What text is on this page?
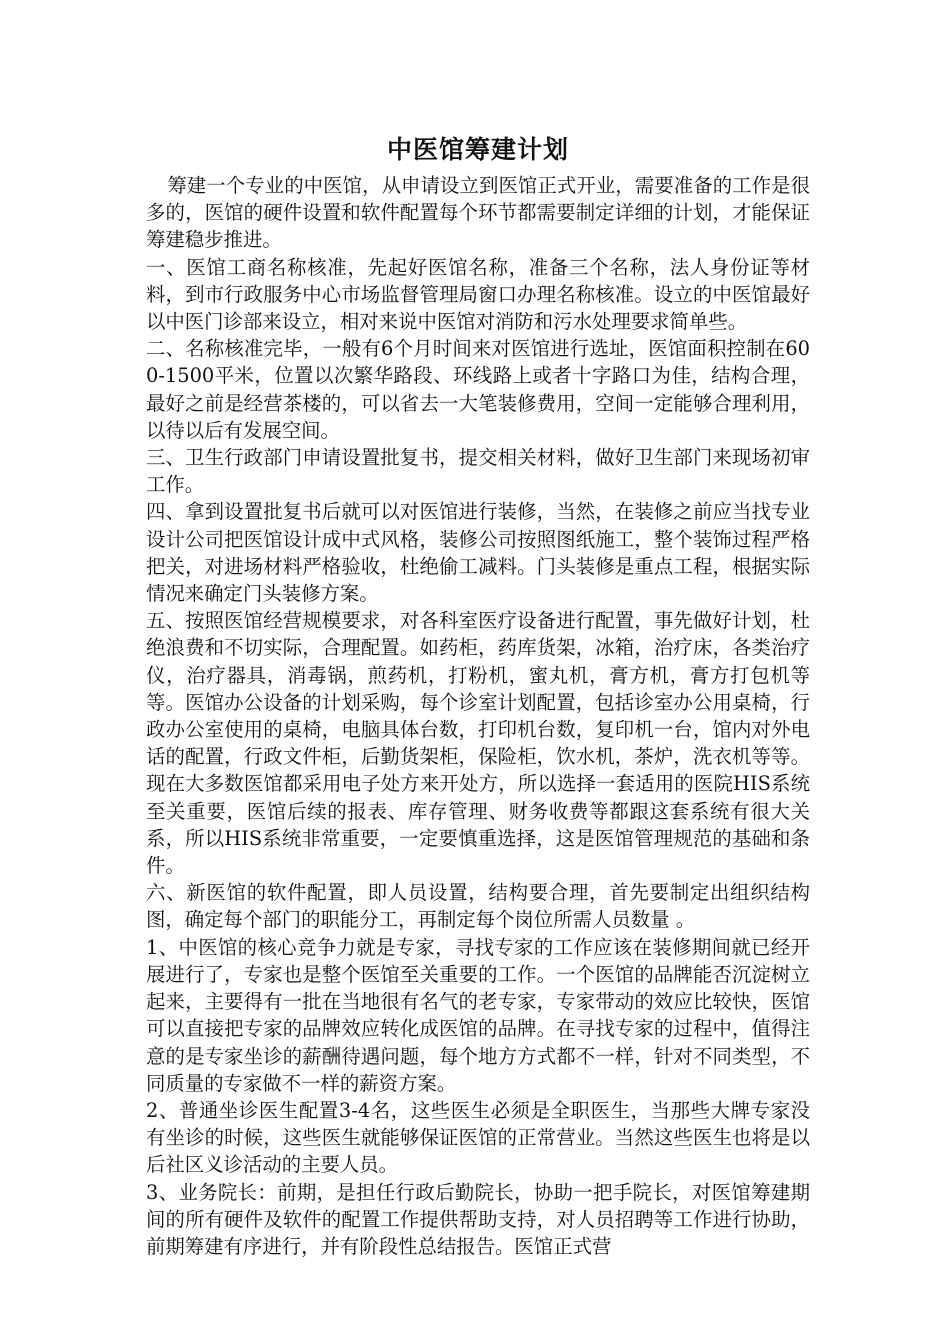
中医馆筹建计划

筹建一个专业的中医馆，从申请设立到医馆正式开业，需要准备的工作是很多的，医馆的硬件设置和软件配置每个环节都需要制定详细的计划，才能保证筹建稳步推进。

一、医馆工商名称核准，先起好医馆名称，准备三个名称，法人身份证等材料，到市行政服务中心市场监督管理局窗口办理名称核准。设立的中医馆最好以中医门诊部来设立，相对来说中医馆对消防和污水处理要求简单些。

二、名称核准完毕，一般有6个月时间来对医馆进行选址，医馆面积控制在600-1500平米，位置以次繁华路段、环线路上或者十字路口为佳，结构合理，最好之前是经营茶楼的，可以省去一大笔装修费用，空间一定能够合理利用，以待以后有发展空间。

三、卫生行政部门申请设置批复书，提交相关材料，做好卫生部门来现场初审工作。

四、拿到设置批复书后就可以对医馆进行装修，当然，在装修之前应当找专业设计公司把医馆设计成中式风格，装修公司按照图纸施工，整个装饰过程严格把关，对进场材料严格验收，杜绝偷工减料。门头装修是重点工程，根据实际情况来确定门头装修方案。

五、按照医馆经营规模要求，对各科室医疗设备进行配置，事先做好计划，杜绝浪费和不切实际，合理配置。如药柜，药库货架，冰箱，治疗床，各类治疗仪，治疗器具，消毒锅，煎药机，打粉机，蜜丸机，膏方机，膏方打包机等等。医馆办公设备的计划采购，每个诊室计划配置，包括诊室办公用桌椅，行政办公室使用的桌椅，电脑具体台数，打印机台数，复印机一台，馆内对外电话的配置，行政文件柜，后勤货架柜，保险柜，饮水机，茶炉，洗衣机等等。现在大多数医馆都采用电子处方来开处方，所以选择一套适用的医院HIS系统至关重要，医馆后续的报表、库存管理、财务收费等都跟这套系统有很大关系，所以HIS系统非常重要，一定要慎重选择，这是医馆管理规范的基础和条件。

六、新医馆的软件配置，即人员设置，结构要合理，首先要制定出组织结构图，确定每个部门的职能分工，再制定每个岗位所需人员数量 。

1、中医馆的核心竞争力就是专家，寻找专家的工作应该在装修期间就已经开展进行了，专家也是整个医馆至关重要的工作。一个医馆的品牌能否沉淀树立起来，主要得有一批在当地很有名气的老专家，专家带动的效应比较快，医馆可以直接把专家的品牌效应转化成医馆的品牌。在寻找专家的过程中，值得注意的是专家坐诊的薪酬待遇问题，每个地方方式都不一样，针对不同类型，不同质量的专家做不一样的薪资方案。

2、普通坐诊医生配置3-4名，这些医生必须是全职医生，当那些大牌专家没有坐诊的时候，这些医生就能够保证医馆的正常营业。当然这些医生也将是以后社区义诊活动的主要人员。

3、业务院长：前期，是担任行政后勤院长，协助一把手院长，对医馆筹建期间的所有硬件及软件的配置工作提供帮助支持，对人员招聘等工作进行协助，前期筹建有序进行，并有阶段性总结报告。医馆正式营
